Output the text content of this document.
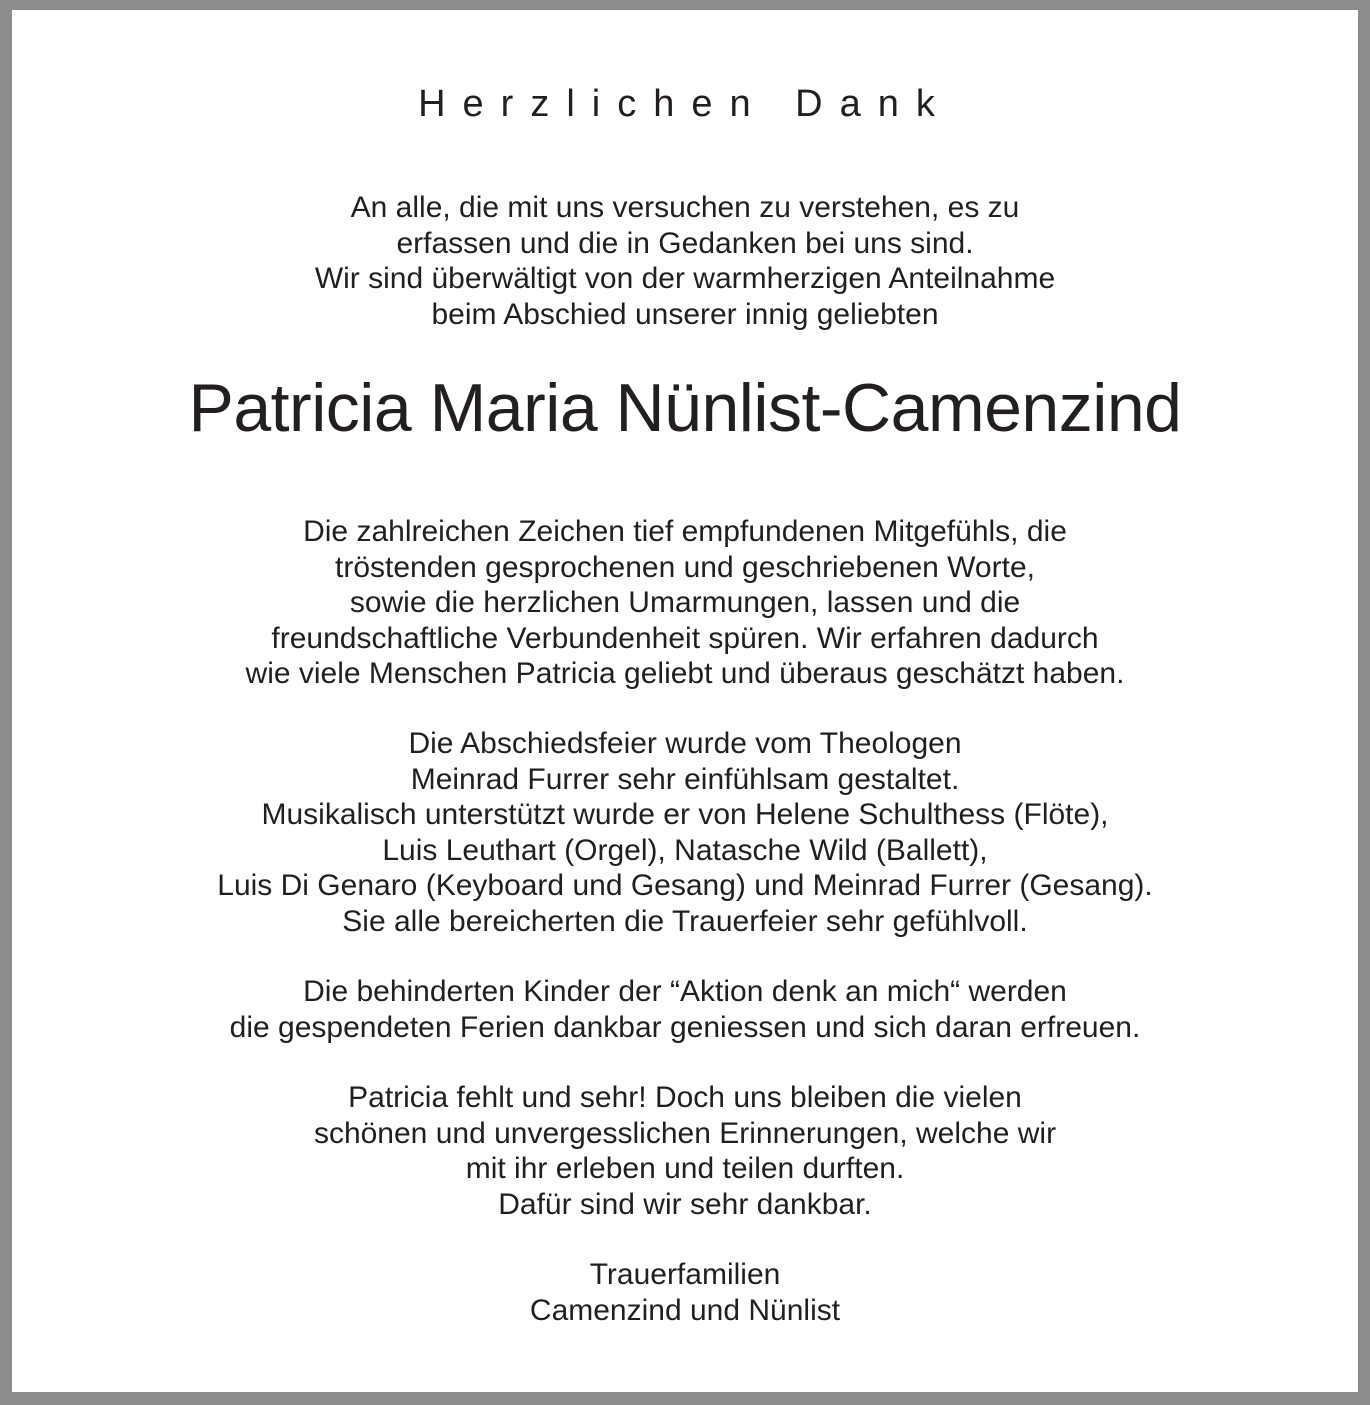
Herzlichen Dank

An alle, die mit uns versuchen zu verstehen, es zu

erfassen und die in Gedanken bei uns sind.

Wir sind überwältigt von der warmherzigen Anteilnahme

beim Abschied unserer innig geliebten

Patricia Maria Nünlist-Camenzind

Die zahlreichen Zeichen tief empfundenen Mitgefühls, die

tröstenden gesprochenen und geschriebenen Worte,

sowie die herzlichen Umarmungen, lassen und die

freundschaftliche Verbundenheit spüren. Wir erfahren dadurch

wie viele Menschen Patricia geliebt und überaus geschätzt haben.

Die Abschiedsfeier wurde vom Theologen

Meinrad Furrer sehr einfühlsam gestaltet.

Musikalisch unterstützt wurde er von Helene Schulthess (Flöte),

Luis Leuthart (Orgel), Natasche Wild (Ballett),

Luis Di Genaro (Keyboard und Gesang) und Meinrad Furrer (Gesang).

Sie alle bereicherten die Trauerfeier sehr gefühlvoll.

Die behinderten Kinder der “Aktion denk an mich“ werden

die gespendeten Ferien dankbar geniessen und sich daran erfreuen.

Patricia fehlt und sehr! Doch uns bleiben die vielen

schönen und unvergesslichen Erinnerungen, welche wir

mit ihr erleben und teilen durften.

Dafür sind wir sehr dankbar.

Trauerfamilien

Camenzind und Nünlist
